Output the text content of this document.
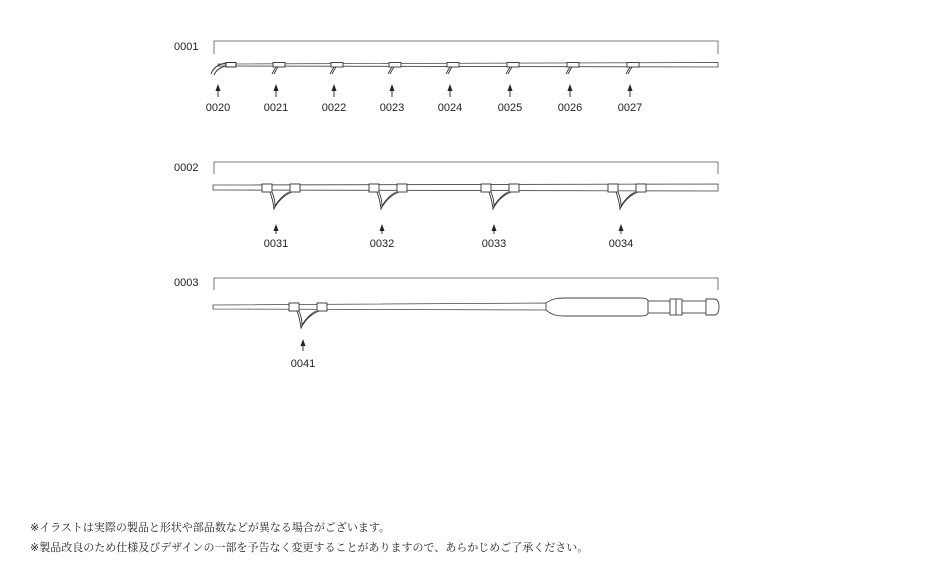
0001
0020	0021	0022	0023	0024	0025	0026	0027
0002
0031	0032	0033	0034
0003
0041
※イラストは実際の製品と形状や部品数などが異なる場合がございます。
※製品改良のため仕様及びデザインの一部を予告なく変更することがありますので、あらかじめご了承ください。
